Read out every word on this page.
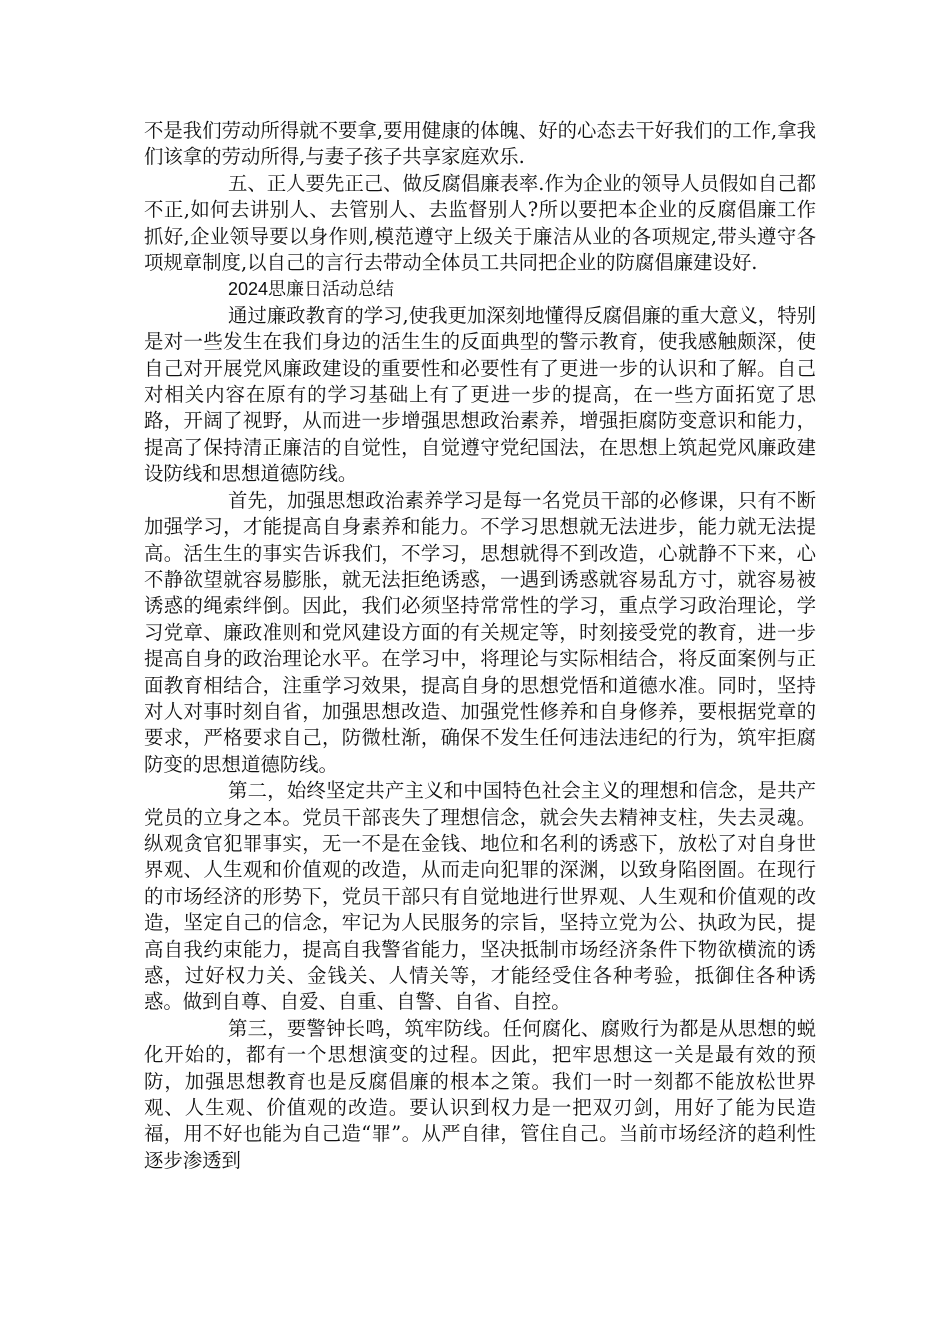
不是我们劳动所得就不要拿,要用健康的体魄、好的心态去干好我们的工作,拿我们该拿的劳动所得,与妻子孩子共享家庭欢乐.

五、正人要先正己、做反腐倡廉表率.作为企业的领导人员假如自己都不正,如何去讲别人、去管别人、去监督别人?所以要把本企业的反腐倡廉工作抓好,企业领导要以身作则,模范遵守上级关于廉洁从业的各项规定,带头遵守各项规章制度,以自己的言行去带动全体员工共同把企业的防腐倡廉建设好.

2024思廉日活动总结

通过廉政教育的学习,使我更加深刻地懂得反腐倡廉的重大意义，特别是对一些发生在我们身边的活生生的反面典型的警示教育，使我感触颇深，使自己对开展党风廉政建设的重要性和必要性有了更进一步的认识和了解。自己对相关内容在原有的学习基础上有了更进一步的提高，在一些方面拓宽了思路，开阔了视野，从而进一步增强思想政治素养，增强拒腐防变意识和能力，提高了保持清正廉洁的自觉性，自觉遵守党纪国法，在思想上筑起党风廉政建设防线和思想道德防线。

首先，加强思想政治素养学习是每一名党员干部的必修课，只有不断加强学习，才能提高自身素养和能力。不学习思想就无法进步，能力就无法提高。活生生的事实告诉我们，不学习，思想就得不到改造，心就静不下来，心不静欲望就容易膨胀，就无法拒绝诱惑，一遇到诱惑就容易乱方寸，就容易被诱惑的绳索绊倒。因此，我们必须坚持常常性的学习，重点学习政治理论，学习党章、廉政准则和党风建设方面的有关规定等，时刻接受党的教育，进一步提高自身的政治理论水平。在学习中，将理论与实际相结合，将反面案例与正面教育相结合，注重学习效果，提高自身的思想党悟和道德水准。同时，坚持对人对事时刻自省，加强思想改造、加强党性修养和自身修养，要根据党章的要求，严格要求自己，防微杜渐，确保不发生任何违法违纪的行为，筑牢拒腐防变的思想道德防线。

第二，始终坚定共产主义和中国特色社会主义的理想和信念，是共产党员的立身之本。党员干部丧失了理想信念，就会失去精神支柱，失去灵魂。纵观贪官犯罪事实，无一不是在金钱、地位和名利的诱惑下，放松了对自身世界观、人生观和价值观的改造，从而走向犯罪的深渊，以致身陷囹圄。在现行的市场经济的形势下，党员干部只有自觉地进行世界观、人生观和价值观的改造，坚定自己的信念，牢记为人民服务的宗旨，坚持立党为公、执政为民，提高自我约束能力，提高自我警省能力，坚决抵制市场经济条件下物欲横流的诱惑，过好权力关、金钱关、人情关等，才能经受住各种考验，抵御住各种诱惑。做到自尊、自爱、自重、自警、自省、自控。

第三，要警钟长鸣，筑牢防线。任何腐化、腐败行为都是从思想的蜕化开始的，都有一个思想演变的过程。因此，把牢思想这一关是最有效的预防，加强思想教育也是反腐倡廉的根本之策。我们一时一刻都不能放松世界观、人生观、价值观的改造。要认识到权力是一把双刃剑，用好了能为民造福，用不好也能为自己造“罪”。从严自律，管住自己。当前市场经济的趋利性逐步渗透到
